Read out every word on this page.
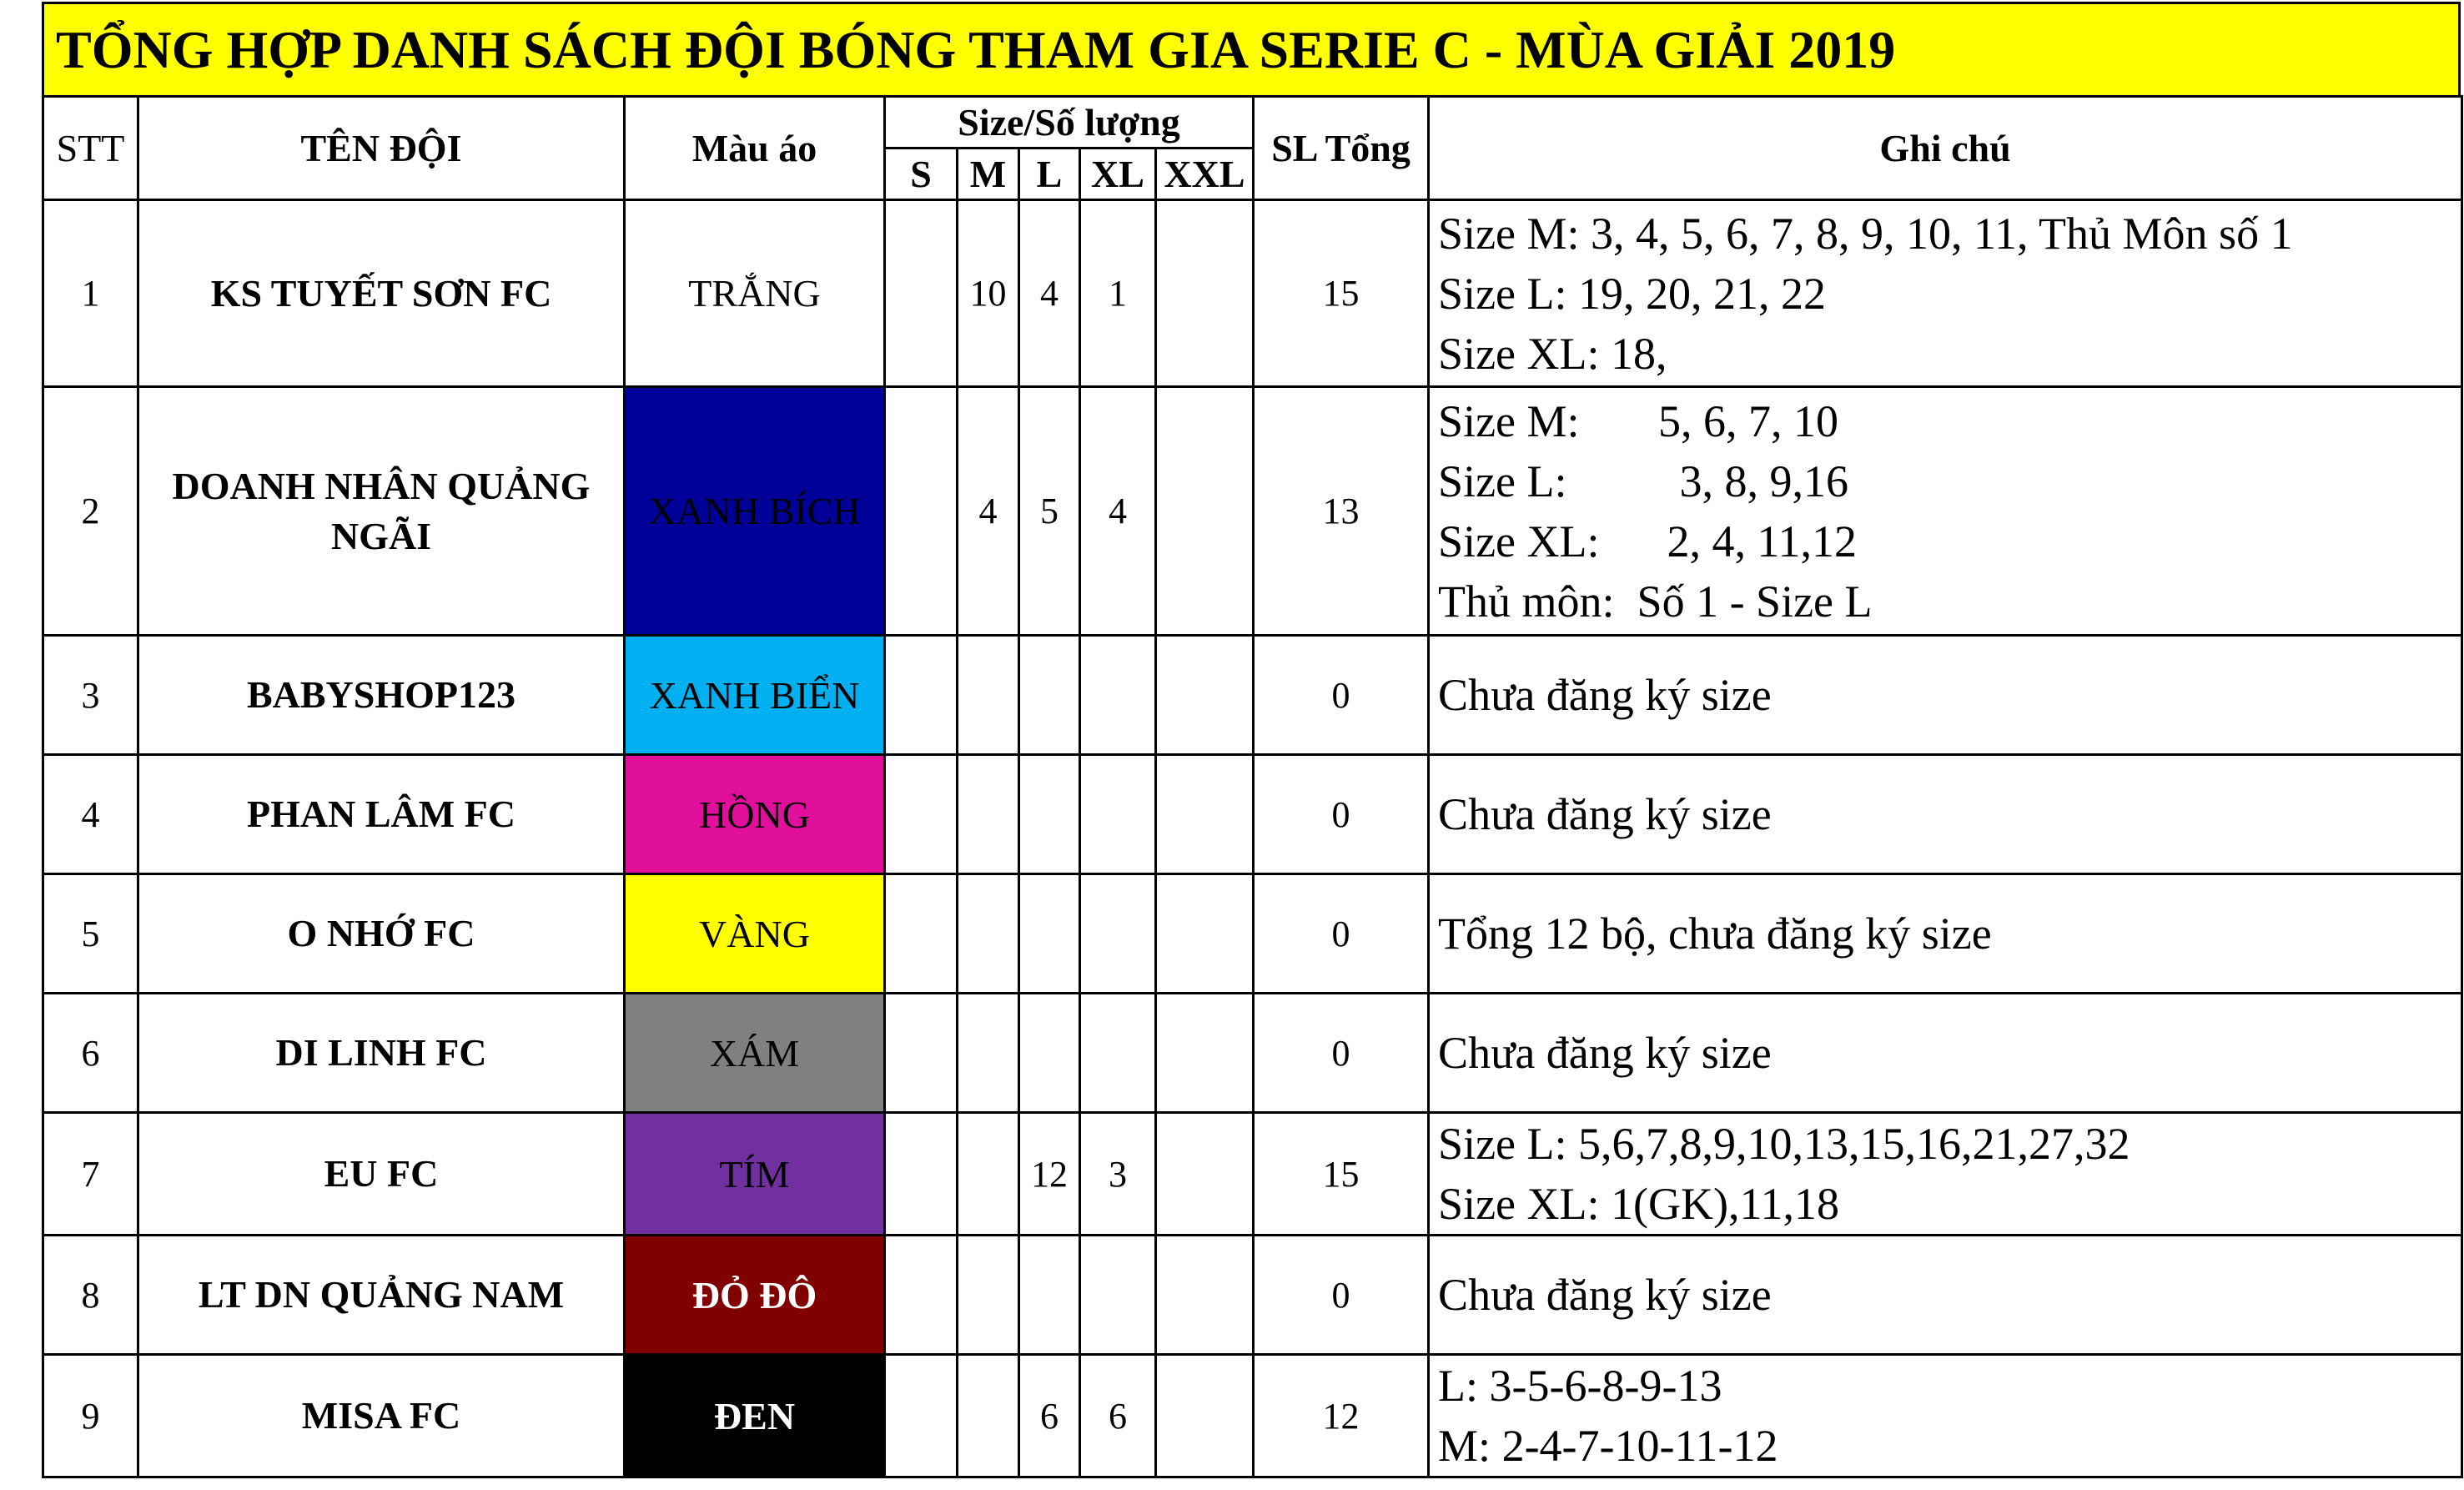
TỔNG HỢP DANH SÁCH ĐỘI BÓNG THAM GIA SERIE C - MÙA GIẢI 2019
STT	TÊN ĐỘI	Màu áo	Size/Số lượng					SL Tổng	Ghi chú
			S	M	L	XL	XXL		
1	KS TUYẾT SƠN FC	TRẮNG		10	4	1		15	Size M: 3, 4, 5, 6, 7, 8, 9, 10, 11, Thủ Môn số 1
Size L: 19, 20, 21, 22
Size XL: 18,

2	DOANH NHÂN QUẢNG NGÃI	XANH BÍCH		4	5	4		13	Size M:       5, 6, 7, 10
Size L:          3, 8, 9,16
Size XL:      2, 4, 11,12
Thủ môn:  Số 1 - Size L

3	BABYSHOP123	XANH BIỂN						0	Chưa đăng ký size

4	PHAN LÂM FC	HỒNG						0	Chưa đăng ký size

5	O NHỚ FC	VÀNG						0	Tổng 12 bộ, chưa đăng ký size

6	DI LINH FC	XÁM						0	Chưa đăng ký size

7	EU FC	TÍM			12	3		15	Size L: 5,6,7,8,9,10,13,15,16,21,27,32
Size XL: 1(GK),11,18

8	LT DN QUẢNG NAM	ĐỎ ĐÔ						0	Chưa đăng ký size

9	MISA FC	ĐEN			6	6		12	L: 3-5-6-8-9-13
M: 2-4-7-10-11-12
